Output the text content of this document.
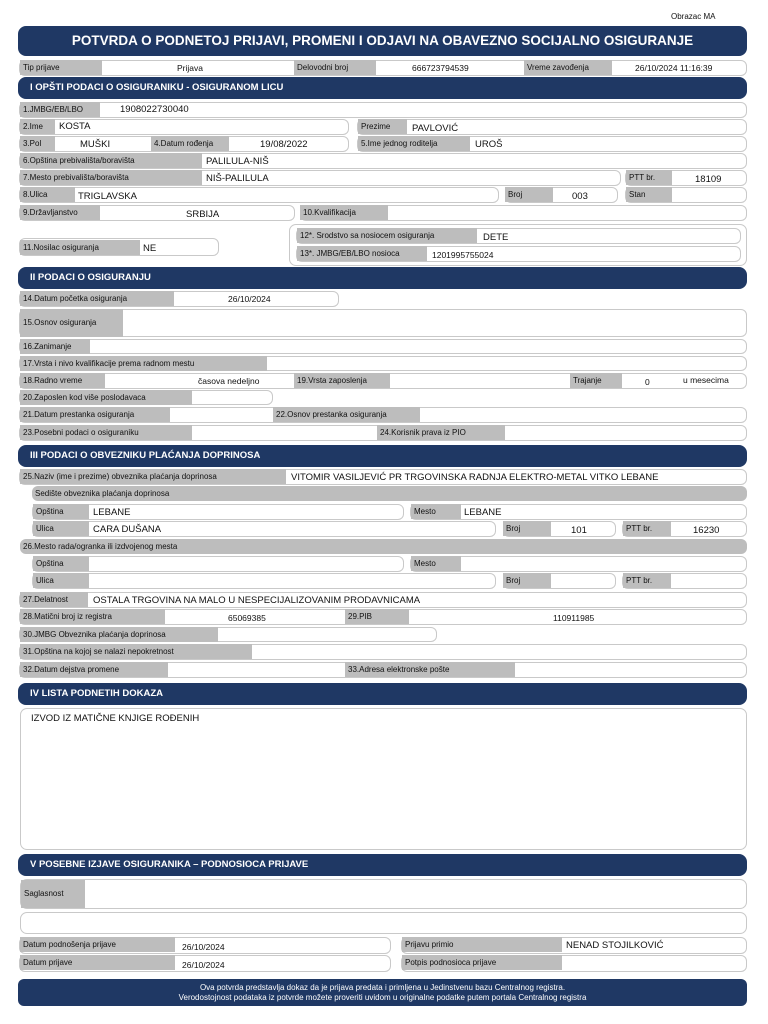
Obrazac MA
POTVRDA O PODNETOJ PRIJAVI, PROMENI I ODJAVI NA OBAVEZNO SOCIJALNO OSIGURANJE
Tip prijave	Prijava	Delovodni broj	666723794539	Vreme zavođenja	26/10/2024 11:16:39
I OPŠTI PODACI O OSIGURANIKU - OSIGURANOM LICU
1.JMBG/EB/LBO	1908022730040
2.Ime	KOSTA	Prezime	PAVLOVIĆ
3.Pol	MUŠKI	4.Datum rođenja	19/08/2022	5.Ime jednog roditelja	UROŠ
6.Opština prebivališta/boravišta	PALILULA-NIŠ
7.Mesto prebivališta/boravišta	NIŠ-PALILULA	PTT br.	18109
8.Ulica	TRIGLAVSKA	Broj	003	Stan
9.Državljanstvo	SRBIJA	10.Kvalifikacija
11.Nosilac osiguranja	NE
12*. Srodstvo sa nosiocem osiguranja	DETE
13*. JMBG/EB/LBO nosioca	1201995755024
II PODACI O OSIGURANJU
14.Datum početka osiguranja	26/10/2024
15.Osnov osiguranja
16.Zanimanje
17.Vrsta i nivo kvalifikacije prema radnom mestu
18.Radno vreme	časova nedeljno	19.Vrsta zaposlenja	Trajanje	0	u mesecima
20.Zaposlen kod više poslodavaca
21.Datum prestanka osiguranja	22.Osnov prestanka osiguranja
23.Posebni podaci o osiguraniku	24.Korisnik prava iz PIO
III PODACI O OBVEZNIKU PLAĆANJA DOPRINOSA
25.Naziv (ime i prezime) obveznika plaćanja doprinosa	VITOMIR VASILJEVIĆ PR TRGOVINSKA RADNJA ELEKTRO-METAL VITKO LEBANE
Sedište obveznika plaćanja doprinosa
Opština	LEBANE	Mesto	LEBANE
Ulica	CARA DUŠANA	Broj	101	PTT br.	16230
26.Mesto rada/ogranka ili izdvojenog mesta
Opština	Mesto
Ulica	Broj	PTT br.
27.Delatnost	OSTALA TRGOVINA NA MALO U NESPECIJALIZOVANIM PRODAVNICAMA
28.Matični broj iz registra	65069385	29.PIB	110911985
30.JMBG Obveznika plaćanja doprinosa
31.Opština na kojoj se nalazi nepokretnost
32.Datum dejstva promene	33.Adresa elektronske pošte
IV LISTA PODNETIH DOKAZA
IZVOD IZ MATIČNE KNJIGE ROĐENIH
V POSEBNE IZJAVE OSIGURANIKA – PODNOSIOCA PRIJAVE
Saglasnost
Datum podnošenja prijave	26/10/2024	Prijavu primio	NENAD STOJILKOVIĆ
Datum prijave	26/10/2024	Potpis podnosioca prijave
Ova potvrda predstavlja dokaz da je prijava predata i primljena u Jedinstvenu bazu Centralnog registra.
Verodostojnost podataka iz potvrde možete proveriti uvidom u originalne podatke putem portala Centralnog registra
